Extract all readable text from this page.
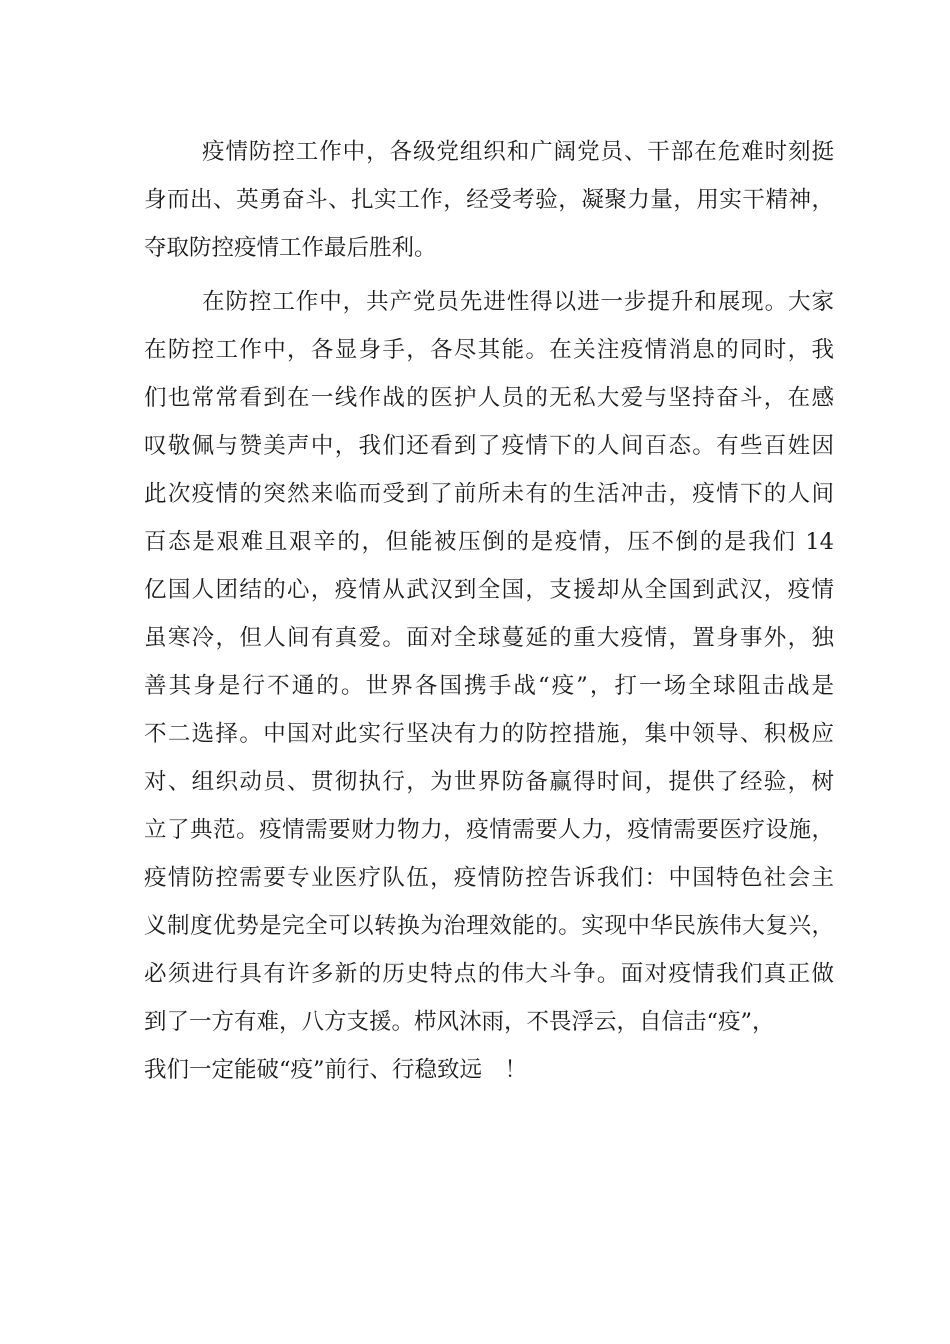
疫情防控工作中，各级党组织和广阔党员、干部在危难时刻挺
身而出、英勇奋斗、扎实工作，经受考验，凝聚力量，用实干精神，
夺取防控疫情工作最后胜利。
在防控工作中，共产党员先进性得以进一步提升和展现。大家
在防控工作中，各显身手，各尽其能。在关注疫情消息的同时，我
们也常常看到在一线作战的医护人员的无私大爱与坚持奋斗，在感
叹敬佩与赞美声中，我们还看到了疫情下的人间百态。有些百姓因
此次疫情的突然来临而受到了前所未有的生活冲击，疫情下的人间
百态是艰难且艰辛的，但能被压倒的是疫情，压不倒的是我们 14
亿国人团结的心，疫情从武汉到全国，支援却从全国到武汉，疫情
虽寒冷，但人间有真爱。面对全球蔓延的重大疫情，置身事外，独
善其身是行不通的。世界各国携手战“疫”，打一场全球阻击战是
不二选择。中国对此实行坚决有力的防控措施，集中领导、积极应
对、组织动员、贯彻执行，为世界防备赢得时间，提供了经验，树
立了典范。疫情需要财力物力，疫情需要人力，疫情需要医疗设施，
疫情防控需要专业医疗队伍，疫情防控告诉我们：中国特色社会主
义制度优势是完全可以转换为治理效能的。实现中华民族伟大复兴，
必须进行具有许多新的历史特点的伟大斗争。面对疫情我们真正做
到了一方有难，八方支援。栉风沐雨，不畏浮云，自信击“疫”，
我们一定能破“疫”前行、行稳致远　！
